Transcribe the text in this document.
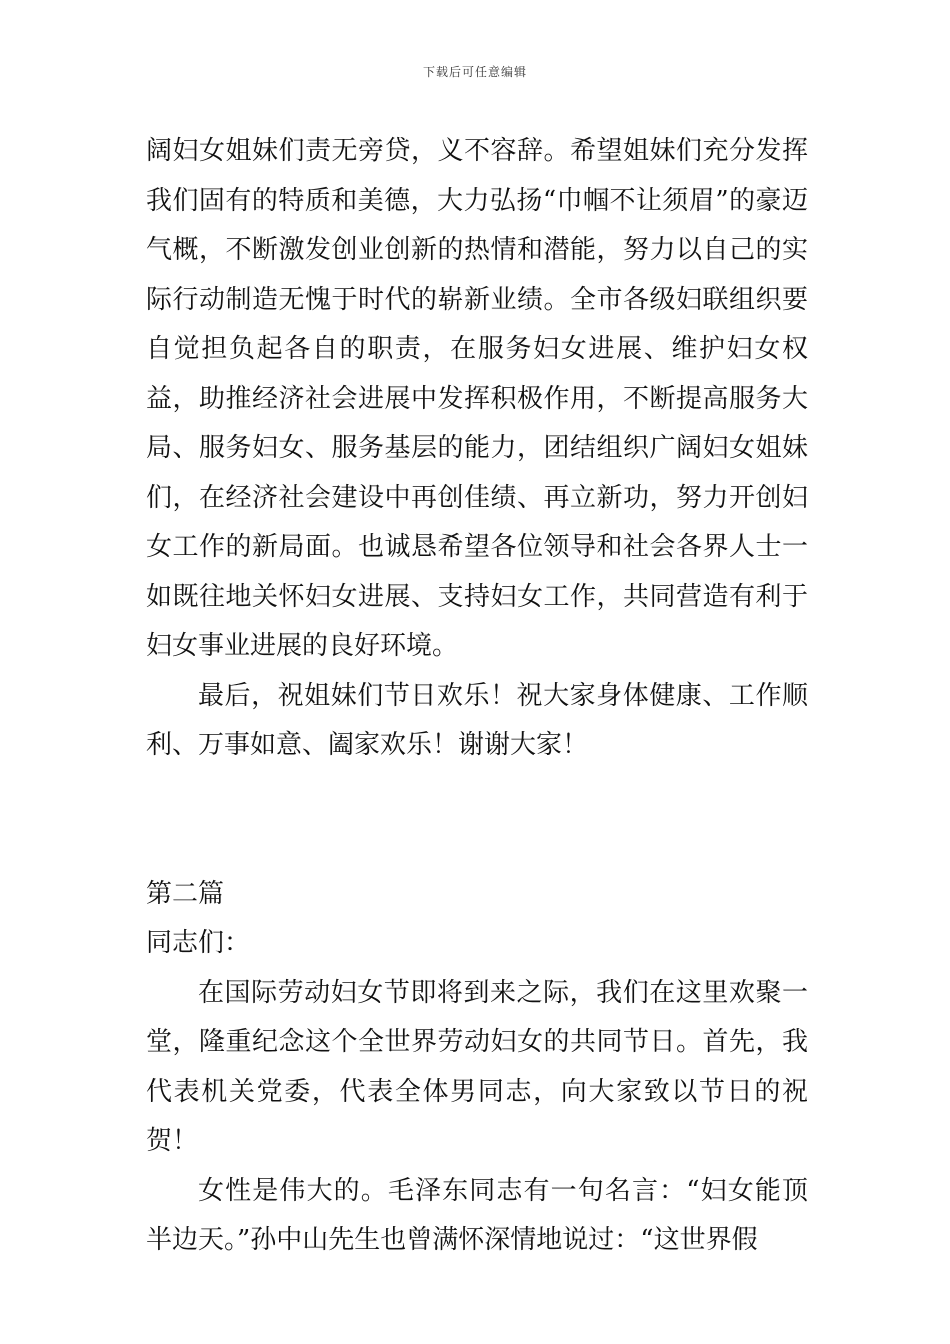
下载后可任意编辑

阔妇女姐妹们责无旁贷，义不容辞。希望姐妹们充分发挥我们固有的特质和美德，大力弘扬“巾帼不让须眉”的豪迈气概，不断激发创业创新的热情和潜能，努力以自己的实际行动制造无愧于时代的崭新业绩。全市各级妇联组织要自觉担负起各自的职责，在服务妇女进展、维护妇女权益，助推经济社会进展中发挥积极作用，不断提高服务大局、服务妇女、服务基层的能力，团结组织广阔妇女姐妹们，在经济社会建设中再创佳绩、再立新功，努力开创妇女工作的新局面。也诚恳希望各位领导和社会各界人士一如既往地关怀妇女进展、支持妇女工作，共同营造有利于妇女事业进展的良好环境。

最后，祝姐妹们节日欢乐！祝大家身体健康、工作顺利、万事如意、阖家欢乐！谢谢大家！

第二篇

同志们：

在国际劳动妇女节即将到来之际，我们在这里欢聚一堂，隆重纪念这个全世界劳动妇女的共同节日。首先，我代表机关党委，代表全体男同志，向大家致以节日的祝贺！

女性是伟大的。毛泽东同志有一句名言：“妇女能顶半边天。”孙中山先生也曾满怀深情地说过：“这世界假
